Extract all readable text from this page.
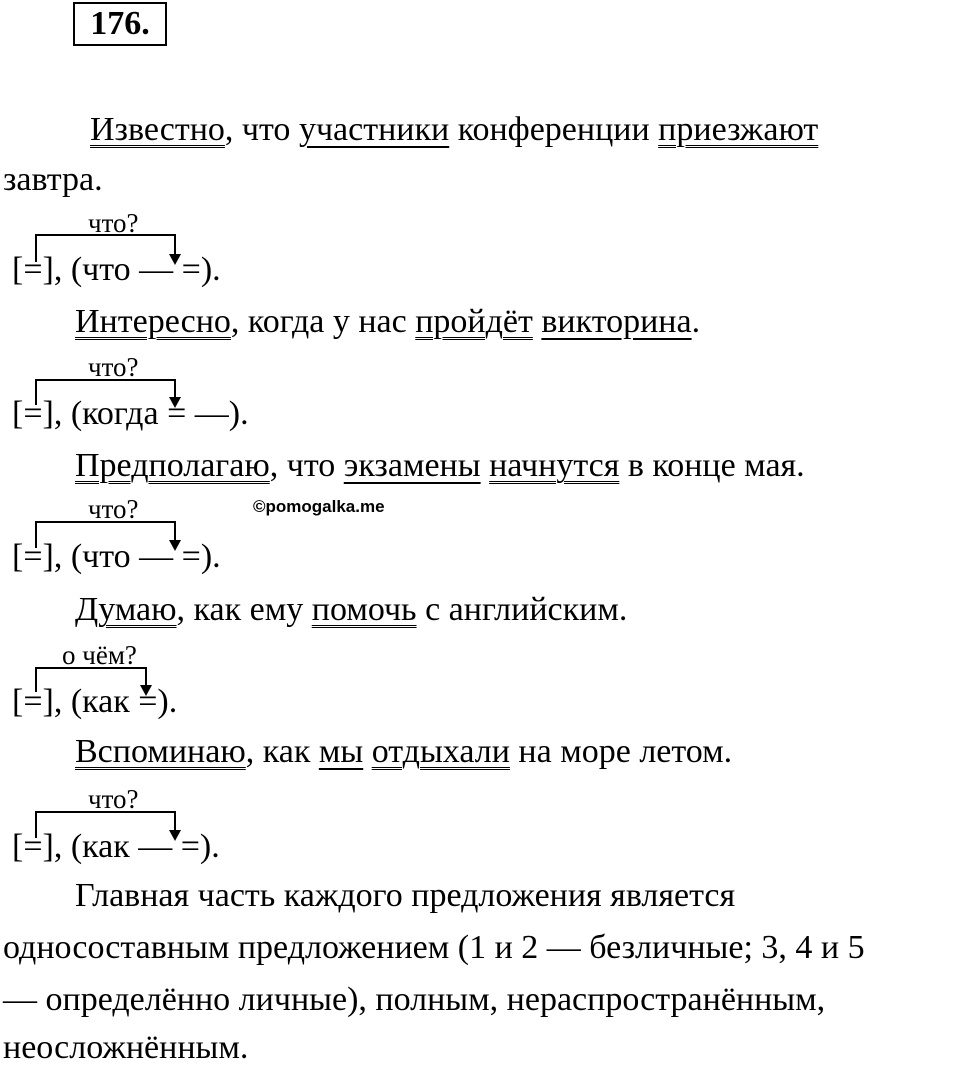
176.
Известно, что участники конференции приезжают
завтра.
что?
[=], (что — =).
Интересно, когда у нас пройдёт викторина.
что?
[=], (когда = —).
Предполагаю, что экзамены начнутся в конце мая.
что?	©pomogalka.me
[=], (что — =).
Думаю, как ему помочь с английским.
о чём?
[=], (как =).
Вспоминаю, как мы отдыхали на море летом.
что?
[=], (как — =).
Главная часть каждого предложения является
односоставным предложением (1 и 2 — безличные; 3, 4 и 5
— определённо личные), полным, нераспространённым,
неосложнённым.
